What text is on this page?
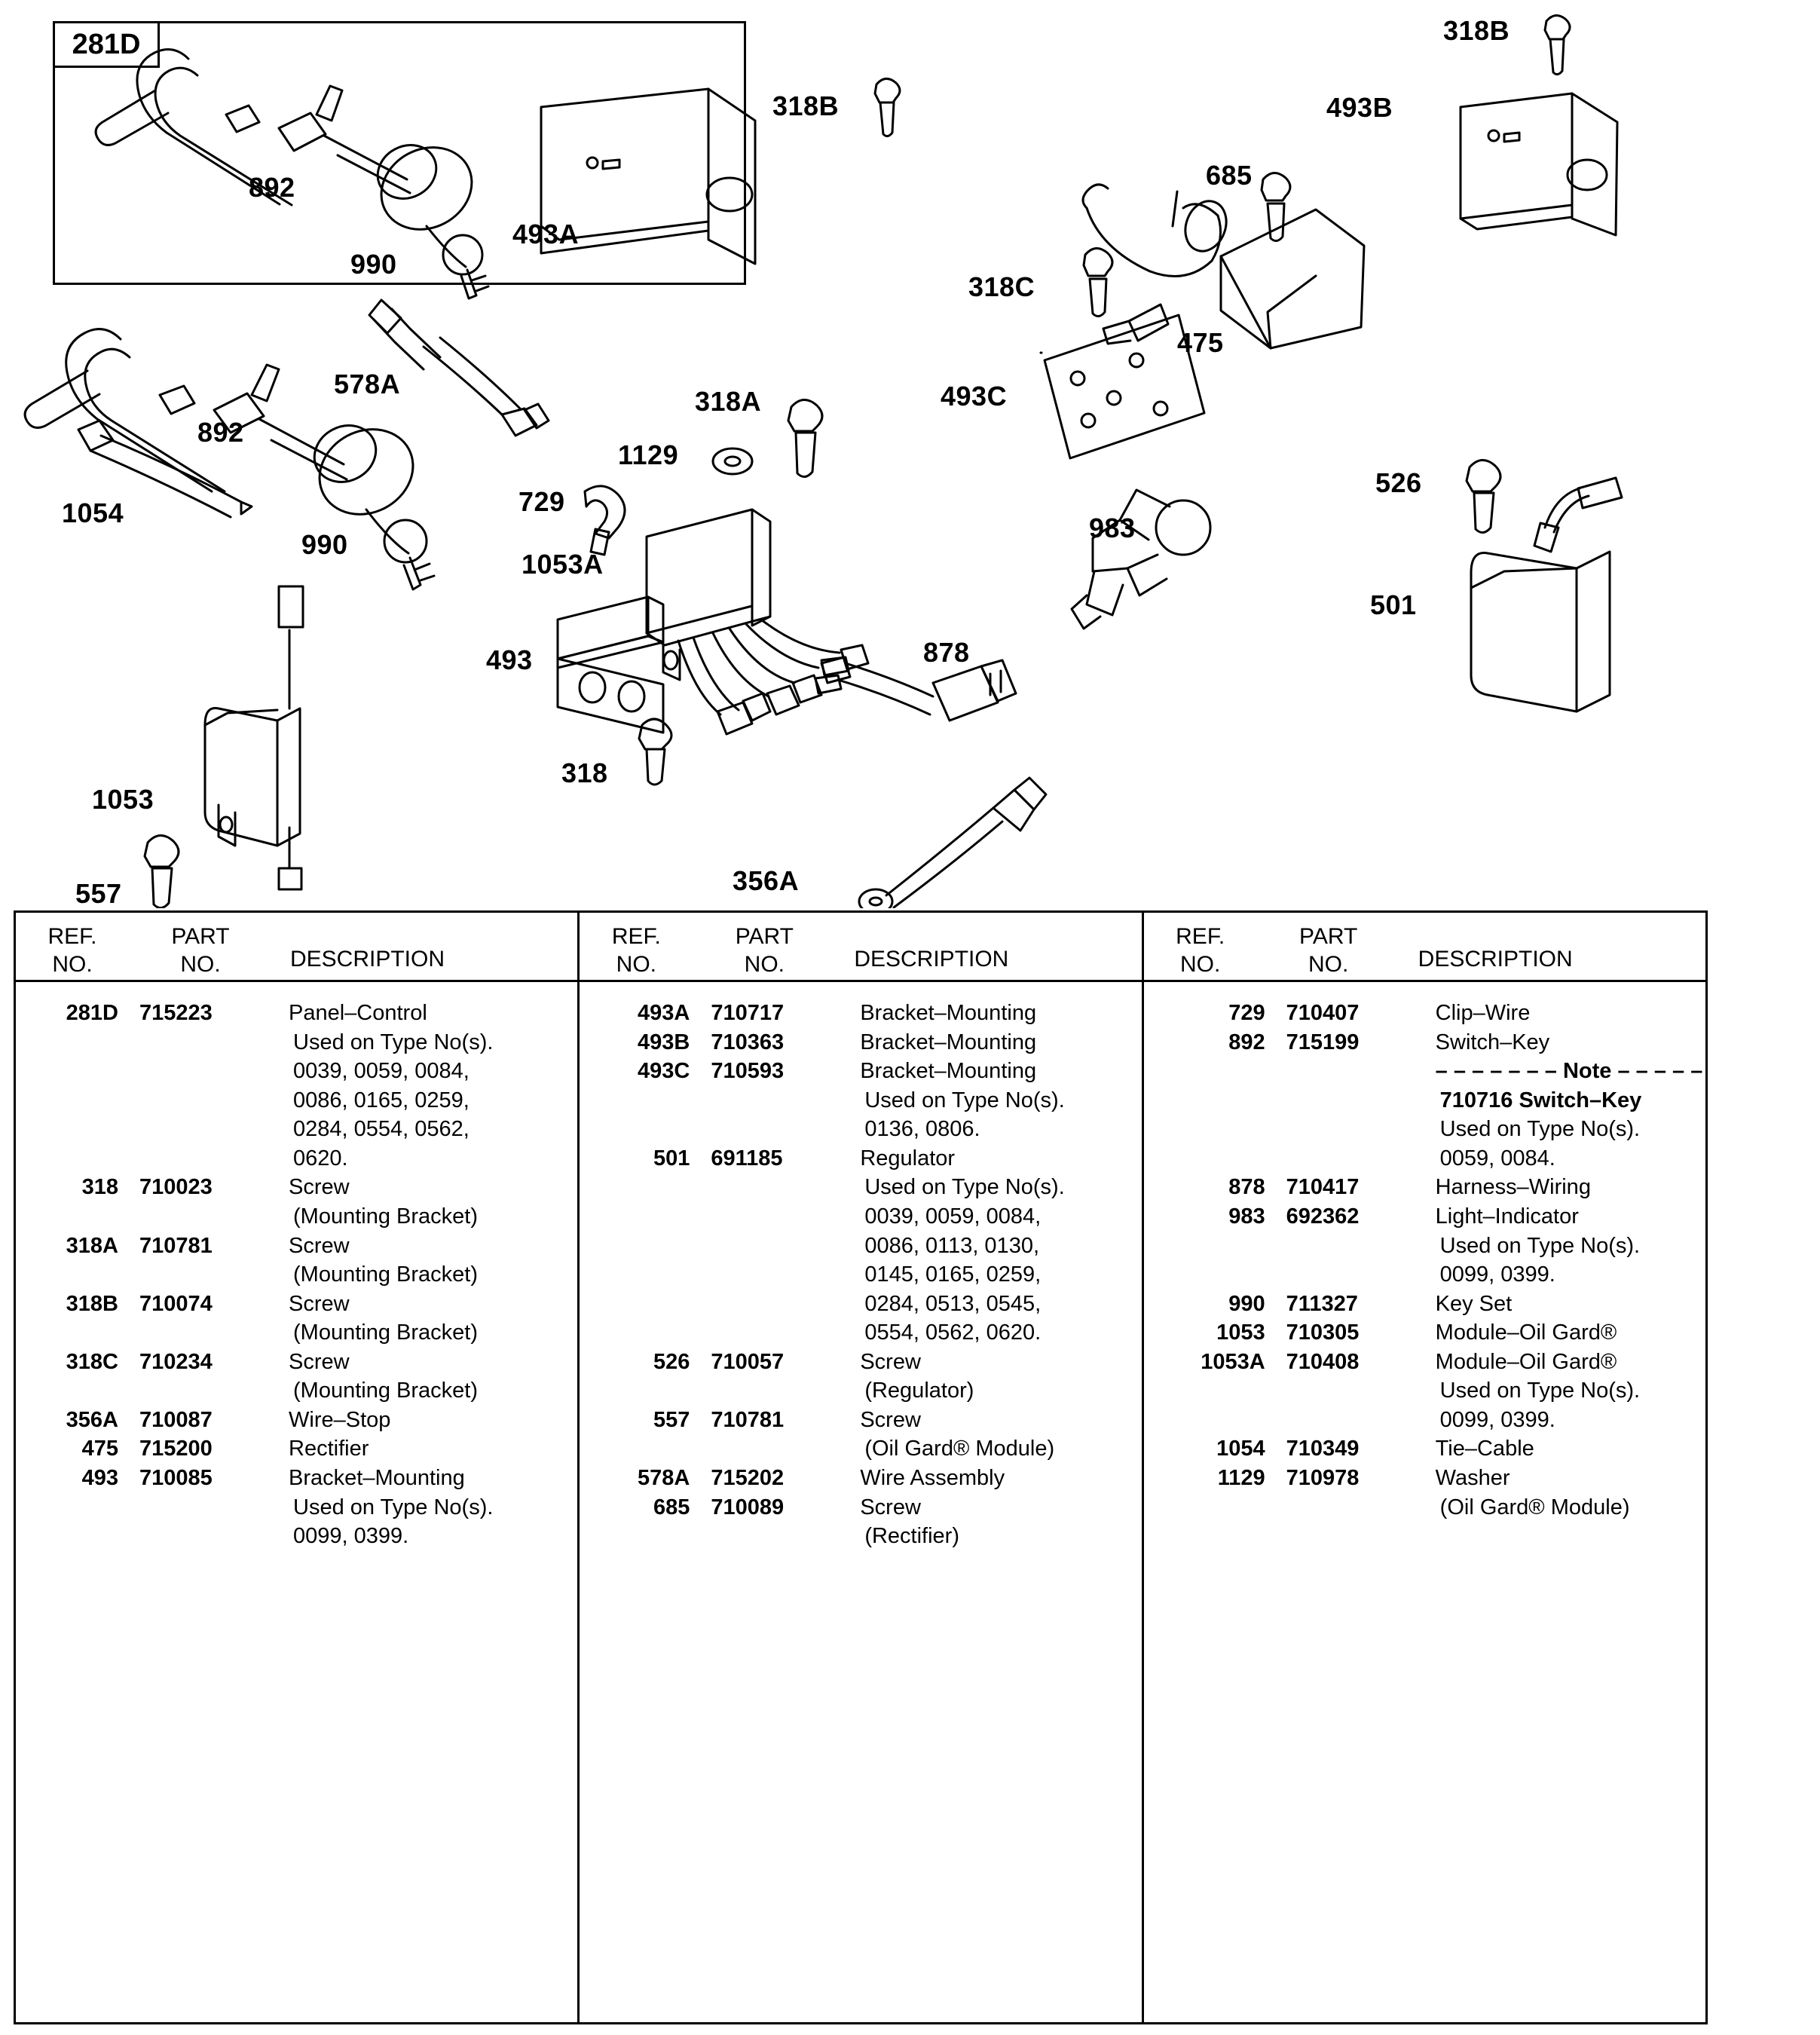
281D	318B
493B
318B
685
892
318C
493A
990
475
578A
318A	493C
892
1129
729
526
1054	983
990
1053A
501
493	878
318
1053
356A
557
REF.
NO.
PART
NO.	DESCRIPTION
281D 715223	Panel–Control
Used on Type No(s).
0039, 0059, 0084,
0086, 0165, 0259,
0284, 0554, 0562,
0620.
318 710023	Screw
(Mounting Bracket)
318A 710781	Screw
(Mounting Bracket)
318B 710074	Screw
(Mounting Bracket)
318C 710234	Screw
(Mounting Bracket)
356A 710087	Wire–Stop
475 715200	Rectifier
493 710085	Bracket–Mounting
Used on Type No(s).
0099, 0399.
REF.
NO.
PART
NO.	DESCRIPTION
493A 710717	Bracket–Mounting
493B 710363	Bracket–Mounting
493C 710593	Bracket–Mounting
Used on Type No(s).
0136, 0806.
501 691185	Regulator
Used on Type No(s).
0039, 0059, 0084,
0086, 0113, 0130,
0145, 0165, 0259,
0284, 0513, 0545,
0554, 0562, 0620.
526 710057	Screw
(Regulator)
557 710781	Screw
(Oil Gard® Module)
578A 715202	Wire Assembly
685 710089	Screw
(Rectifier)
REF.
NO.
PART
NO.	DESCRIPTION
729 710407	Clip–Wire
892 715199	Switch–Key
– – – – – – – Note – – – – –
710716 Switch–Key
Used on Type No(s).
0059, 0084.
878 710417	Harness–Wiring
983 692362	Light–Indicator
Used on Type No(s).
0099, 0399.
990 711327	Key Set
1053 710305	Module–Oil Gard®
1053A 710408	Module–Oil Gard®
Used on Type No(s).
0099, 0399.
1054 710349	Tie–Cable
1129 710978	Washer
(Oil Gard® Module)
